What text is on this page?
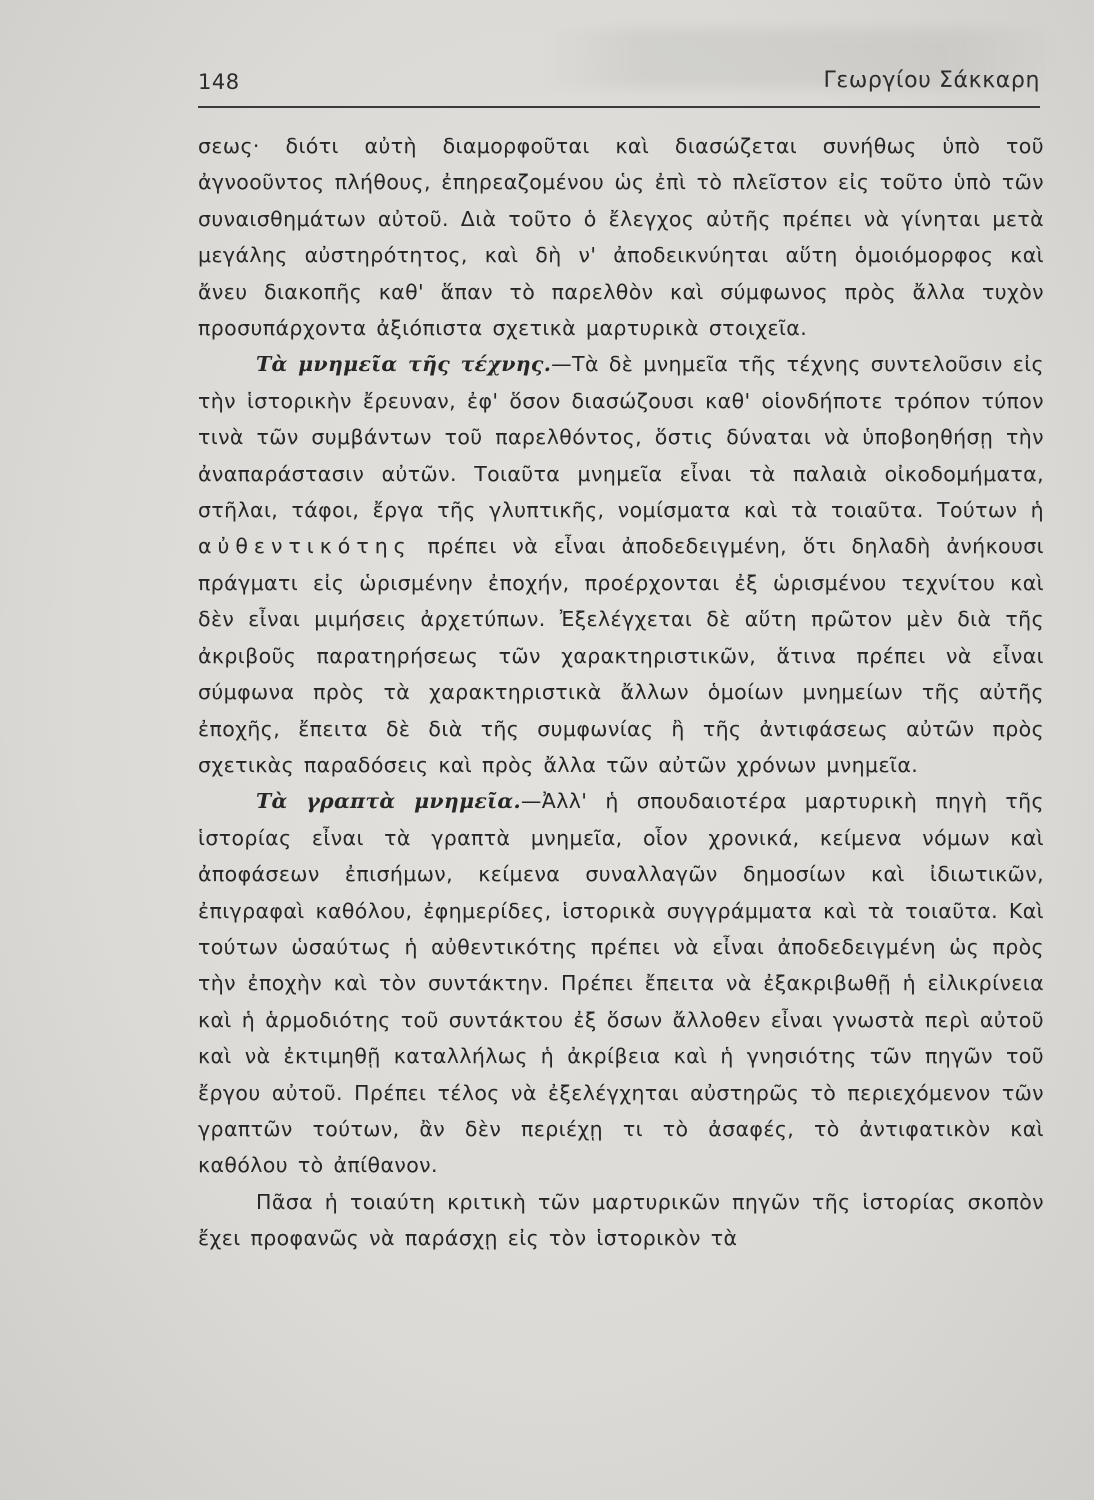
148	Γεωργίου Σάκκαρη

σεως· διότι αὐτὴ διαμορφοῦται καὶ διασώζεται συνήθως ὑπὸ τοῦ ἀγνοοῦντος πλήθους, ἐπηρεαζομένου ὡς ἐπὶ τὸ πλεῖστον εἰς τοῦτο ὑπὸ τῶν συναισθημάτων αὐτοῦ. Διὰ τοῦτο ὁ ἔλεγχος αὐτῆς πρέπει νὰ γίνηται μετὰ μεγάλης αὐστηρότητος, καὶ δὴ ν' ἀποδεικνύηται αὕτη ὁμοιόμορφος καὶ ἄνευ διακοπῆς καθ' ἅπαν τὸ παρελθὸν καὶ σύμφωνος πρὸς ἄλλα τυχὸν προσυπάρχοντα ἀξιόπιστα σχετικὰ μαρτυρικὰ στοιχεῖα.

Τὰ μνημεῖα τῆς τέχνης.—Τὰ δὲ μνημεῖα τῆς τέχνης συντελοῦσιν εἰς τὴν ἱστορικὴν ἔρευναν, ἐφ' ὅσον διασώζουσι καθ' οἱονδήποτε τρόπον τύπον τινὰ τῶν συμβάντων τοῦ παρελθόντος, ὅστις δύναται νὰ ὑποβοηθήσῃ τὴν ἀναπαράστασιν αὐτῶν. Τοιαῦτα μνημεῖα εἶναι τὰ παλαιὰ οἰκοδομήματα, στῆλαι, τάφοι, ἔργα τῆς γλυπτικῆς, νομίσματα καὶ τὰ τοιαῦτα. Τούτων ἡ αὐθεντικότης πρέπει νὰ εἶναι ἀποδεδειγμένη, ὅτι δηλαδὴ ἀνήκουσι πράγματι εἰς ὡρισμένην ἐποχήν, προέρχονται ἐξ ὡρισμένου τεχνίτου καὶ δὲν εἶναι μιμήσεις ἀρχετύπων. Ἐξελέγχεται δὲ αὕτη πρῶτον μὲν διὰ τῆς ἀκριβοῦς παρατηρήσεως τῶν χαρακτηριστικῶν, ἅτινα πρέπει νὰ εἶναι σύμφωνα πρὸς τὰ χαρακτηριστικὰ ἄλλων ὁμοίων μνημείων τῆς αὐτῆς ἐποχῆς, ἔπειτα δὲ διὰ τῆς συμφωνίας ἢ τῆς ἀντιφάσεως αὐτῶν πρὸς σχετικὰς παραδόσεις καὶ πρὸς ἄλλα τῶν αὐτῶν χρόνων μνημεῖα.

Τὰ γραπτὰ μνημεῖα.—Ἀλλ' ἡ σπουδαιοτέρα μαρτυρικὴ πηγὴ τῆς ἱστορίας εἶναι τὰ γραπτὰ μνημεῖα, οἷον χρονικά, κείμενα νόμων καὶ ἀποφάσεων ἐπισήμων, κείμενα συναλλαγῶν δημοσίων καὶ ἰδιωτικῶν, ἐπιγραφαὶ καθόλου, ἐφημερίδες, ἱστορικὰ συγγράμματα καὶ τὰ τοιαῦτα. Καὶ τούτων ὡσαύτως ἡ αὐθεντικότης πρέπει νὰ εἶναι ἀποδεδειγμένη ὡς πρὸς τὴν ἐποχὴν καὶ τὸν συντάκτην. Πρέπει ἔπειτα νὰ ἐξακριβωθῇ ἡ εἰλικρίνεια καὶ ἡ ἁρμοδιότης τοῦ συντάκτου ἐξ ὅσων ἄλλοθεν εἶναι γνωστὰ περὶ αὐτοῦ καὶ νὰ ἐκτιμηθῇ καταλλήλως ἡ ἀκρίβεια καὶ ἡ γνησιότης τῶν πηγῶν τοῦ ἔργου αὐτοῦ. Πρέπει τέλος νὰ ἐξελέγχηται αὐστηρῶς τὸ περιεχόμενον τῶν γραπτῶν τούτων, ἂν δὲν περιέχῃ τι τὸ ἀσαφές, τὸ ἀντιφατικὸν καὶ καθόλου τὸ ἀπίθανον.

Πᾶσα ἡ τοιαύτη κριτικὴ τῶν μαρτυρικῶν πηγῶν τῆς ἱστορίας σκοπὸν ἔχει προφανῶς νὰ παράσχῃ εἰς τὸν ἱστορικὸν τὰ
